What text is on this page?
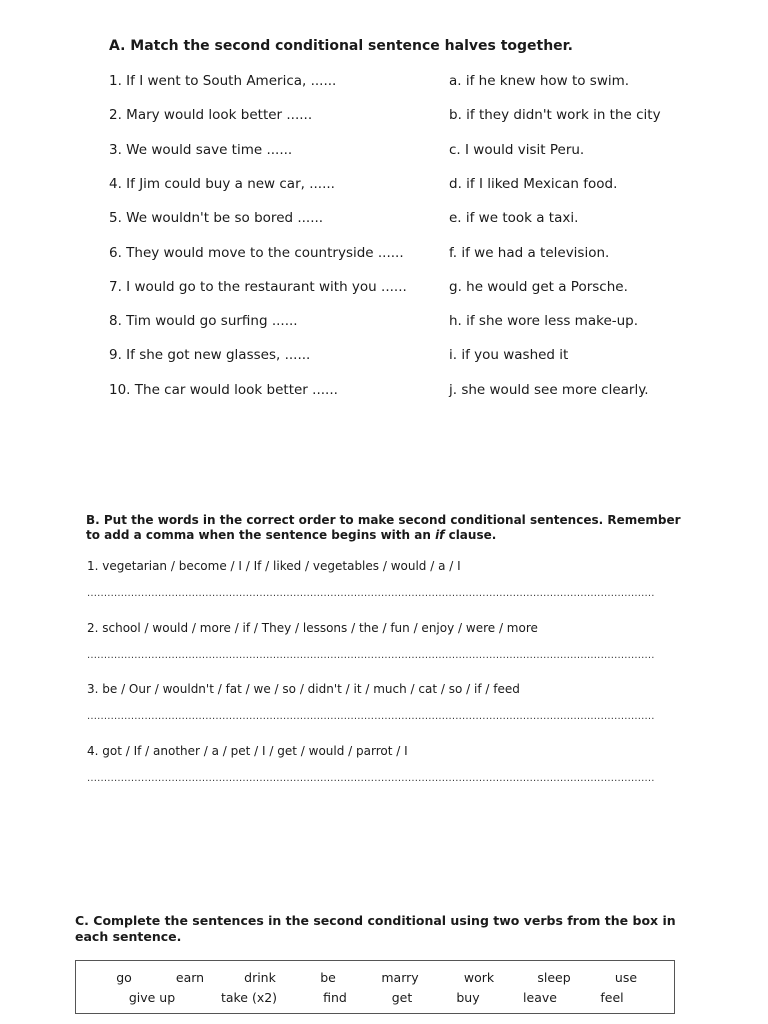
A. Match the second conditional sentence halves together.
1. If I went to South America, ......	a. if he knew how to swim.
2. Mary would look better ......	b. if they didn't work in the city
3. We would save time ......	c. I would visit Peru.
4. If Jim could buy a new car, ......	d. if I liked Mexican food.
5. We wouldn't be so bored ......	e. if we took a taxi.
6. They would move to the countryside ......	f. if we had a television.
7. I would go to the restaurant with you ......	g. he would get a Porsche.
8. Tim would go surfing ......	h. if she wore less make-up.
9. If she got new glasses, ......	i. if you washed it
10. The car would look better ......	j. she would see more clearly.
B. Put the words in the correct order to make second conditional sentences. Remember to add a comma when the sentence begins with an if clause.
1. vegetarian / become / I / If / liked / vegetables / would / a / I
........................................................................................................................................................................
2. school / would / more / if / They / lessons / the / fun / enjoy / were / more
........................................................................................................................................................................
3. be / Our / wouldn't / fat / we / so / didn't / it / much / cat / so / if / feed
........................................................................................................................................................................
4. got / If / another / a / pet / I / get / would / parrot / I
........................................................................................................................................................................
C. Complete the sentences in the second conditional using two verbs from the box in each sentence.
go	earn	drink	be	marry	work	sleep	use
give up	take (x2)	find	get	buy	leave	feel
